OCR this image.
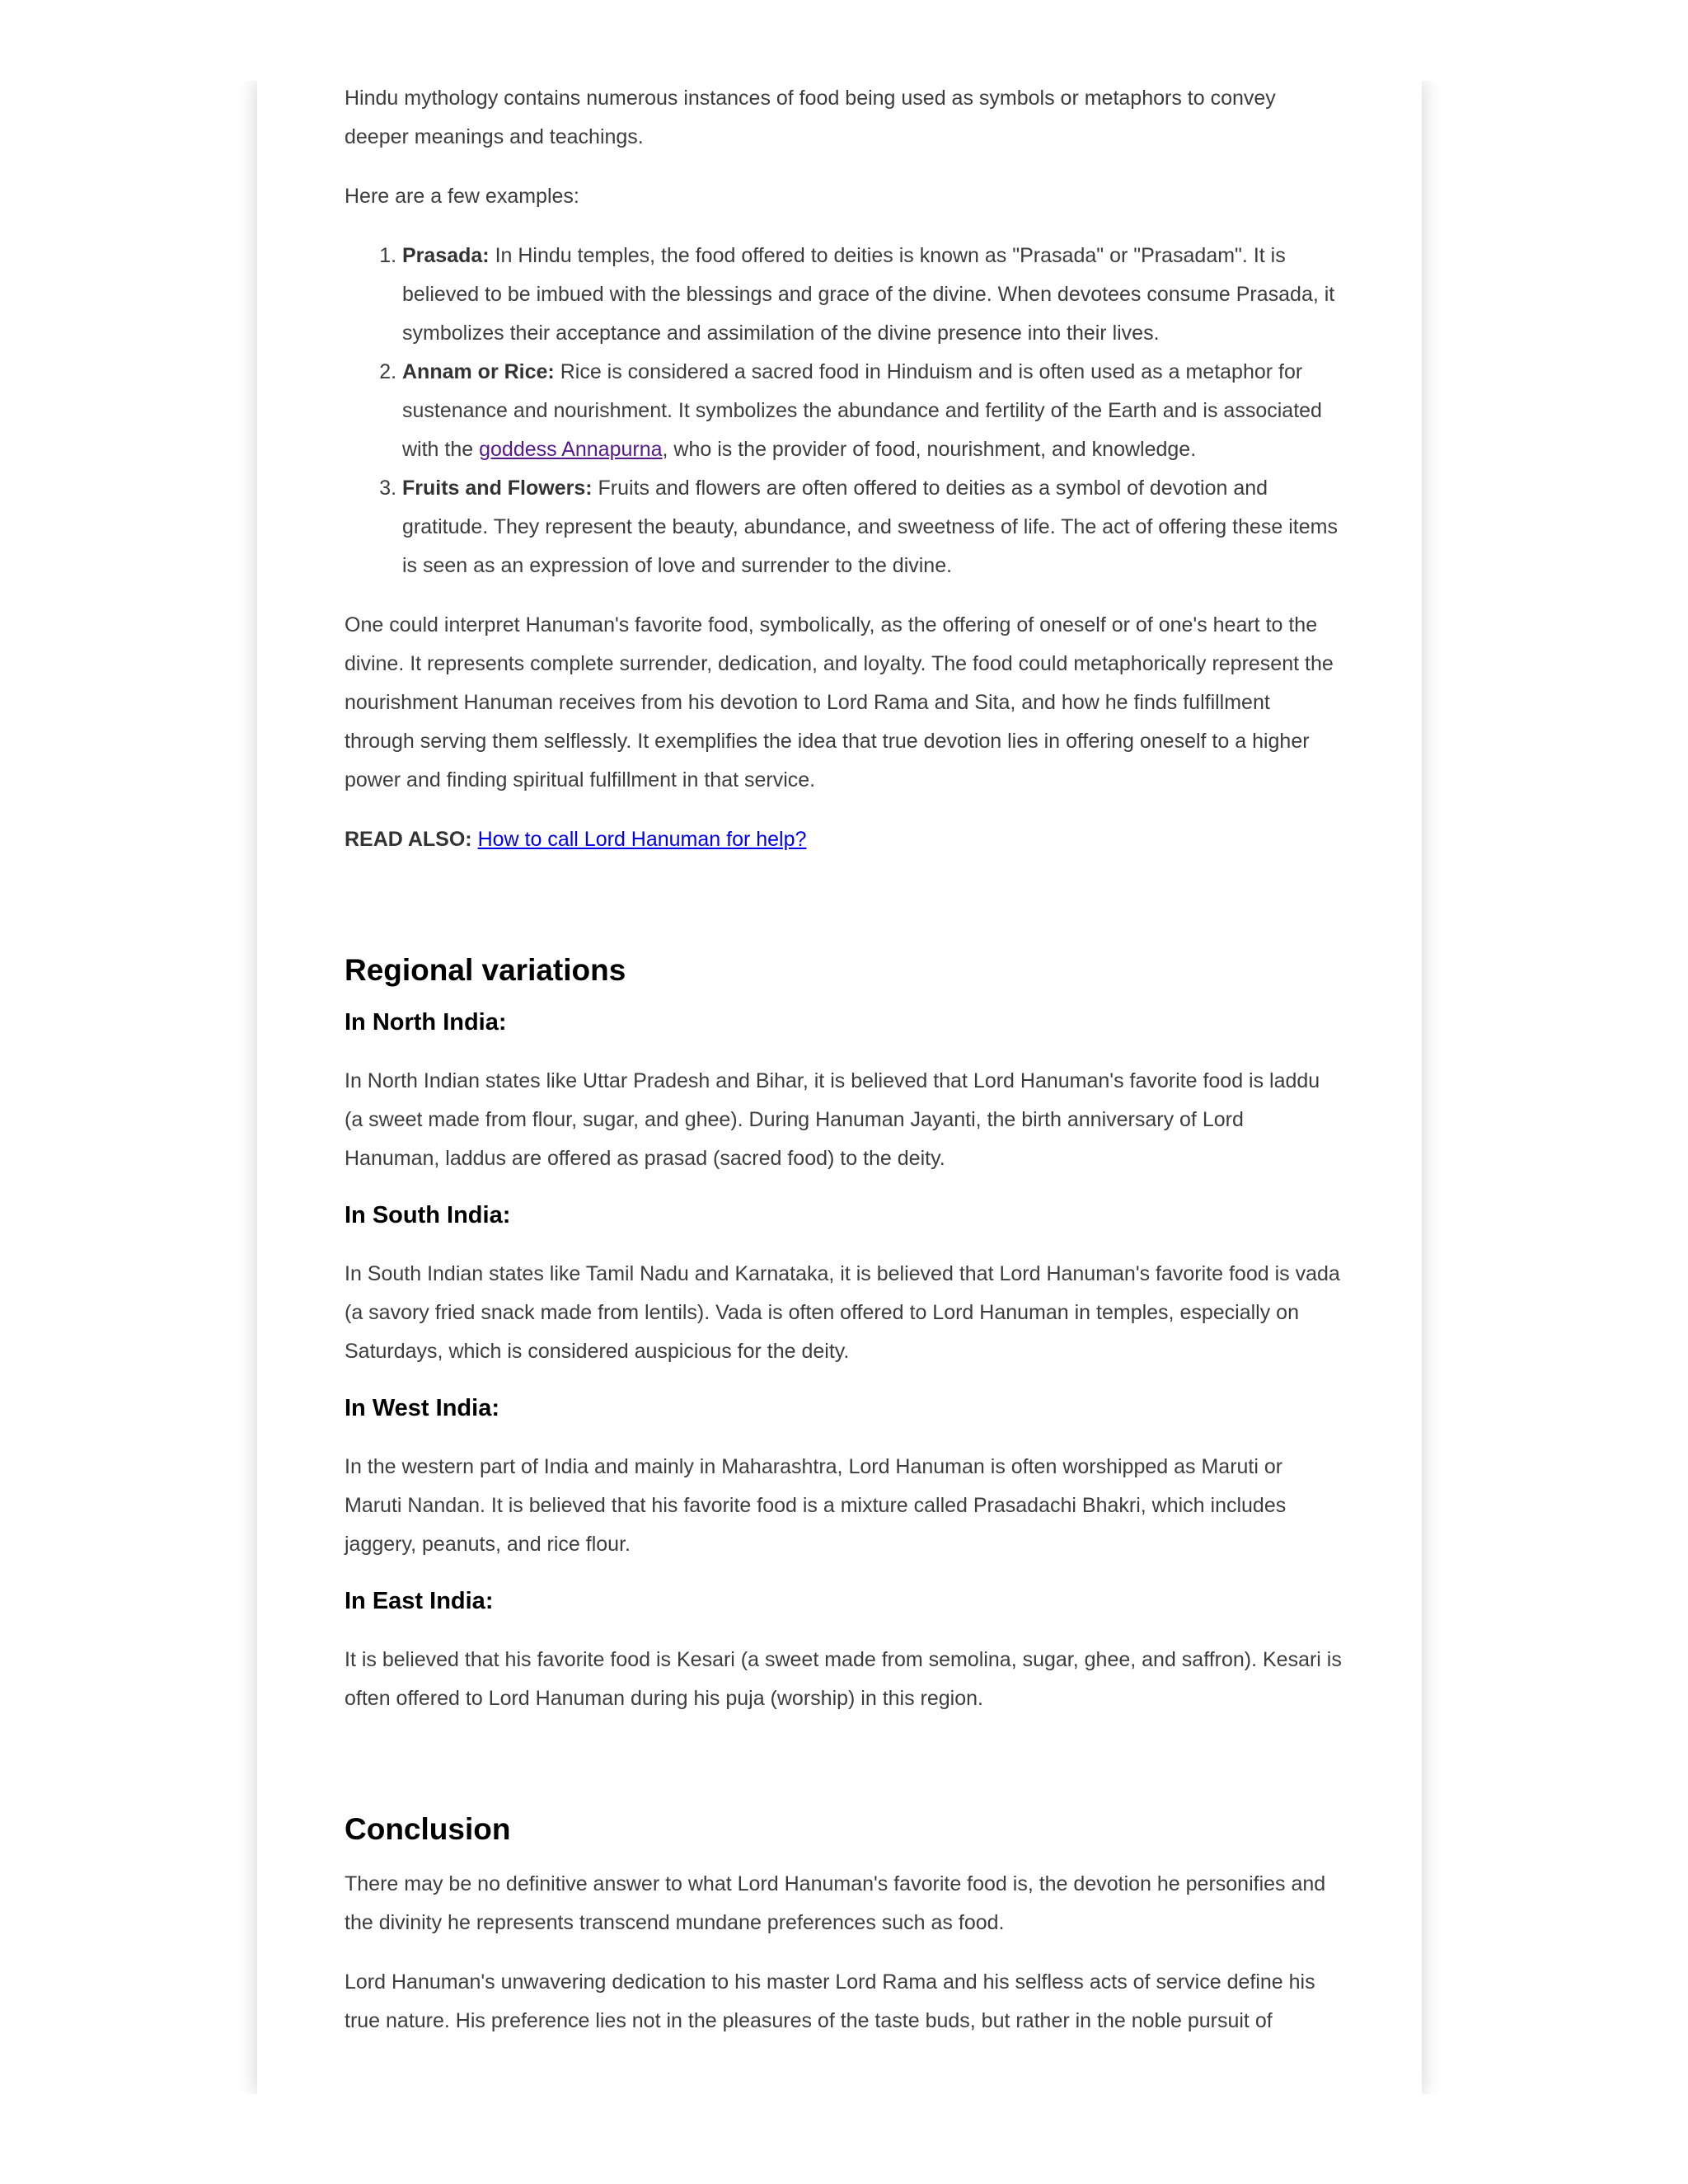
Hindu mythology contains numerous instances of food being used as symbols or metaphors to convey deeper meanings and teachings.

Here are a few examples:

1. Prasada: In Hindu temples, the food offered to deities is known as "Prasada" or "Prasadam". It is believed to be imbued with the blessings and grace of the divine. When devotees consume Prasada, it symbolizes their acceptance and assimilation of the divine presence into their lives.
2. Annam or Rice: Rice is considered a sacred food in Hinduism and is often used as a metaphor for sustenance and nourishment. It symbolizes the abundance and fertility of the Earth and is associated with the goddess Annapurna, who is the provider of food, nourishment, and knowledge.
3. Fruits and Flowers: Fruits and flowers are often offered to deities as a symbol of devotion and gratitude. They represent the beauty, abundance, and sweetness of life. The act of offering these items is seen as an expression of love and surrender to the divine.

One could interpret Hanuman's favorite food, symbolically, as the offering of oneself or of one's heart to the divine. It represents complete surrender, dedication, and loyalty. The food could metaphorically represent the nourishment Hanuman receives from his devotion to Lord Rama and Sita, and how he finds fulfillment through serving them selflessly. It exemplifies the idea that true devotion lies in offering oneself to a higher power and finding spiritual fulfillment in that service.

READ ALSO: How to call Lord Hanuman for help?

Regional variations
In North India:

In North Indian states like Uttar Pradesh and Bihar, it is believed that Lord Hanuman's favorite food is laddu (a sweet made from flour, sugar, and ghee). During Hanuman Jayanti, the birth anniversary of Lord Hanuman, laddus are offered as prasad (sacred food) to the deity.

In South India:

In South Indian states like Tamil Nadu and Karnataka, it is believed that Lord Hanuman's favorite food is vada (a savory fried snack made from lentils). Vada is often offered to Lord Hanuman in temples, especially on Saturdays, which is considered auspicious for the deity.

In West India:

In the western part of India and mainly in Maharashtra, Lord Hanuman is often worshipped as Maruti or Maruti Nandan. It is believed that his favorite food is a mixture called Prasadachi Bhakri, which includes jaggery, peanuts, and rice flour.

In East India:

It is believed that his favorite food is Kesari (a sweet made from semolina, sugar, ghee, and saffron). Kesari is often offered to Lord Hanuman during his puja (worship) in this region.

Conclusion

There may be no definitive answer to what Lord Hanuman's favorite food is, the devotion he personifies and the divinity he represents transcend mundane preferences such as food.

Lord Hanuman's unwavering dedication to his master Lord Rama and his selfless acts of service define his true nature. His preference lies not in the pleasures of the taste buds, but rather in the noble pursuit of
